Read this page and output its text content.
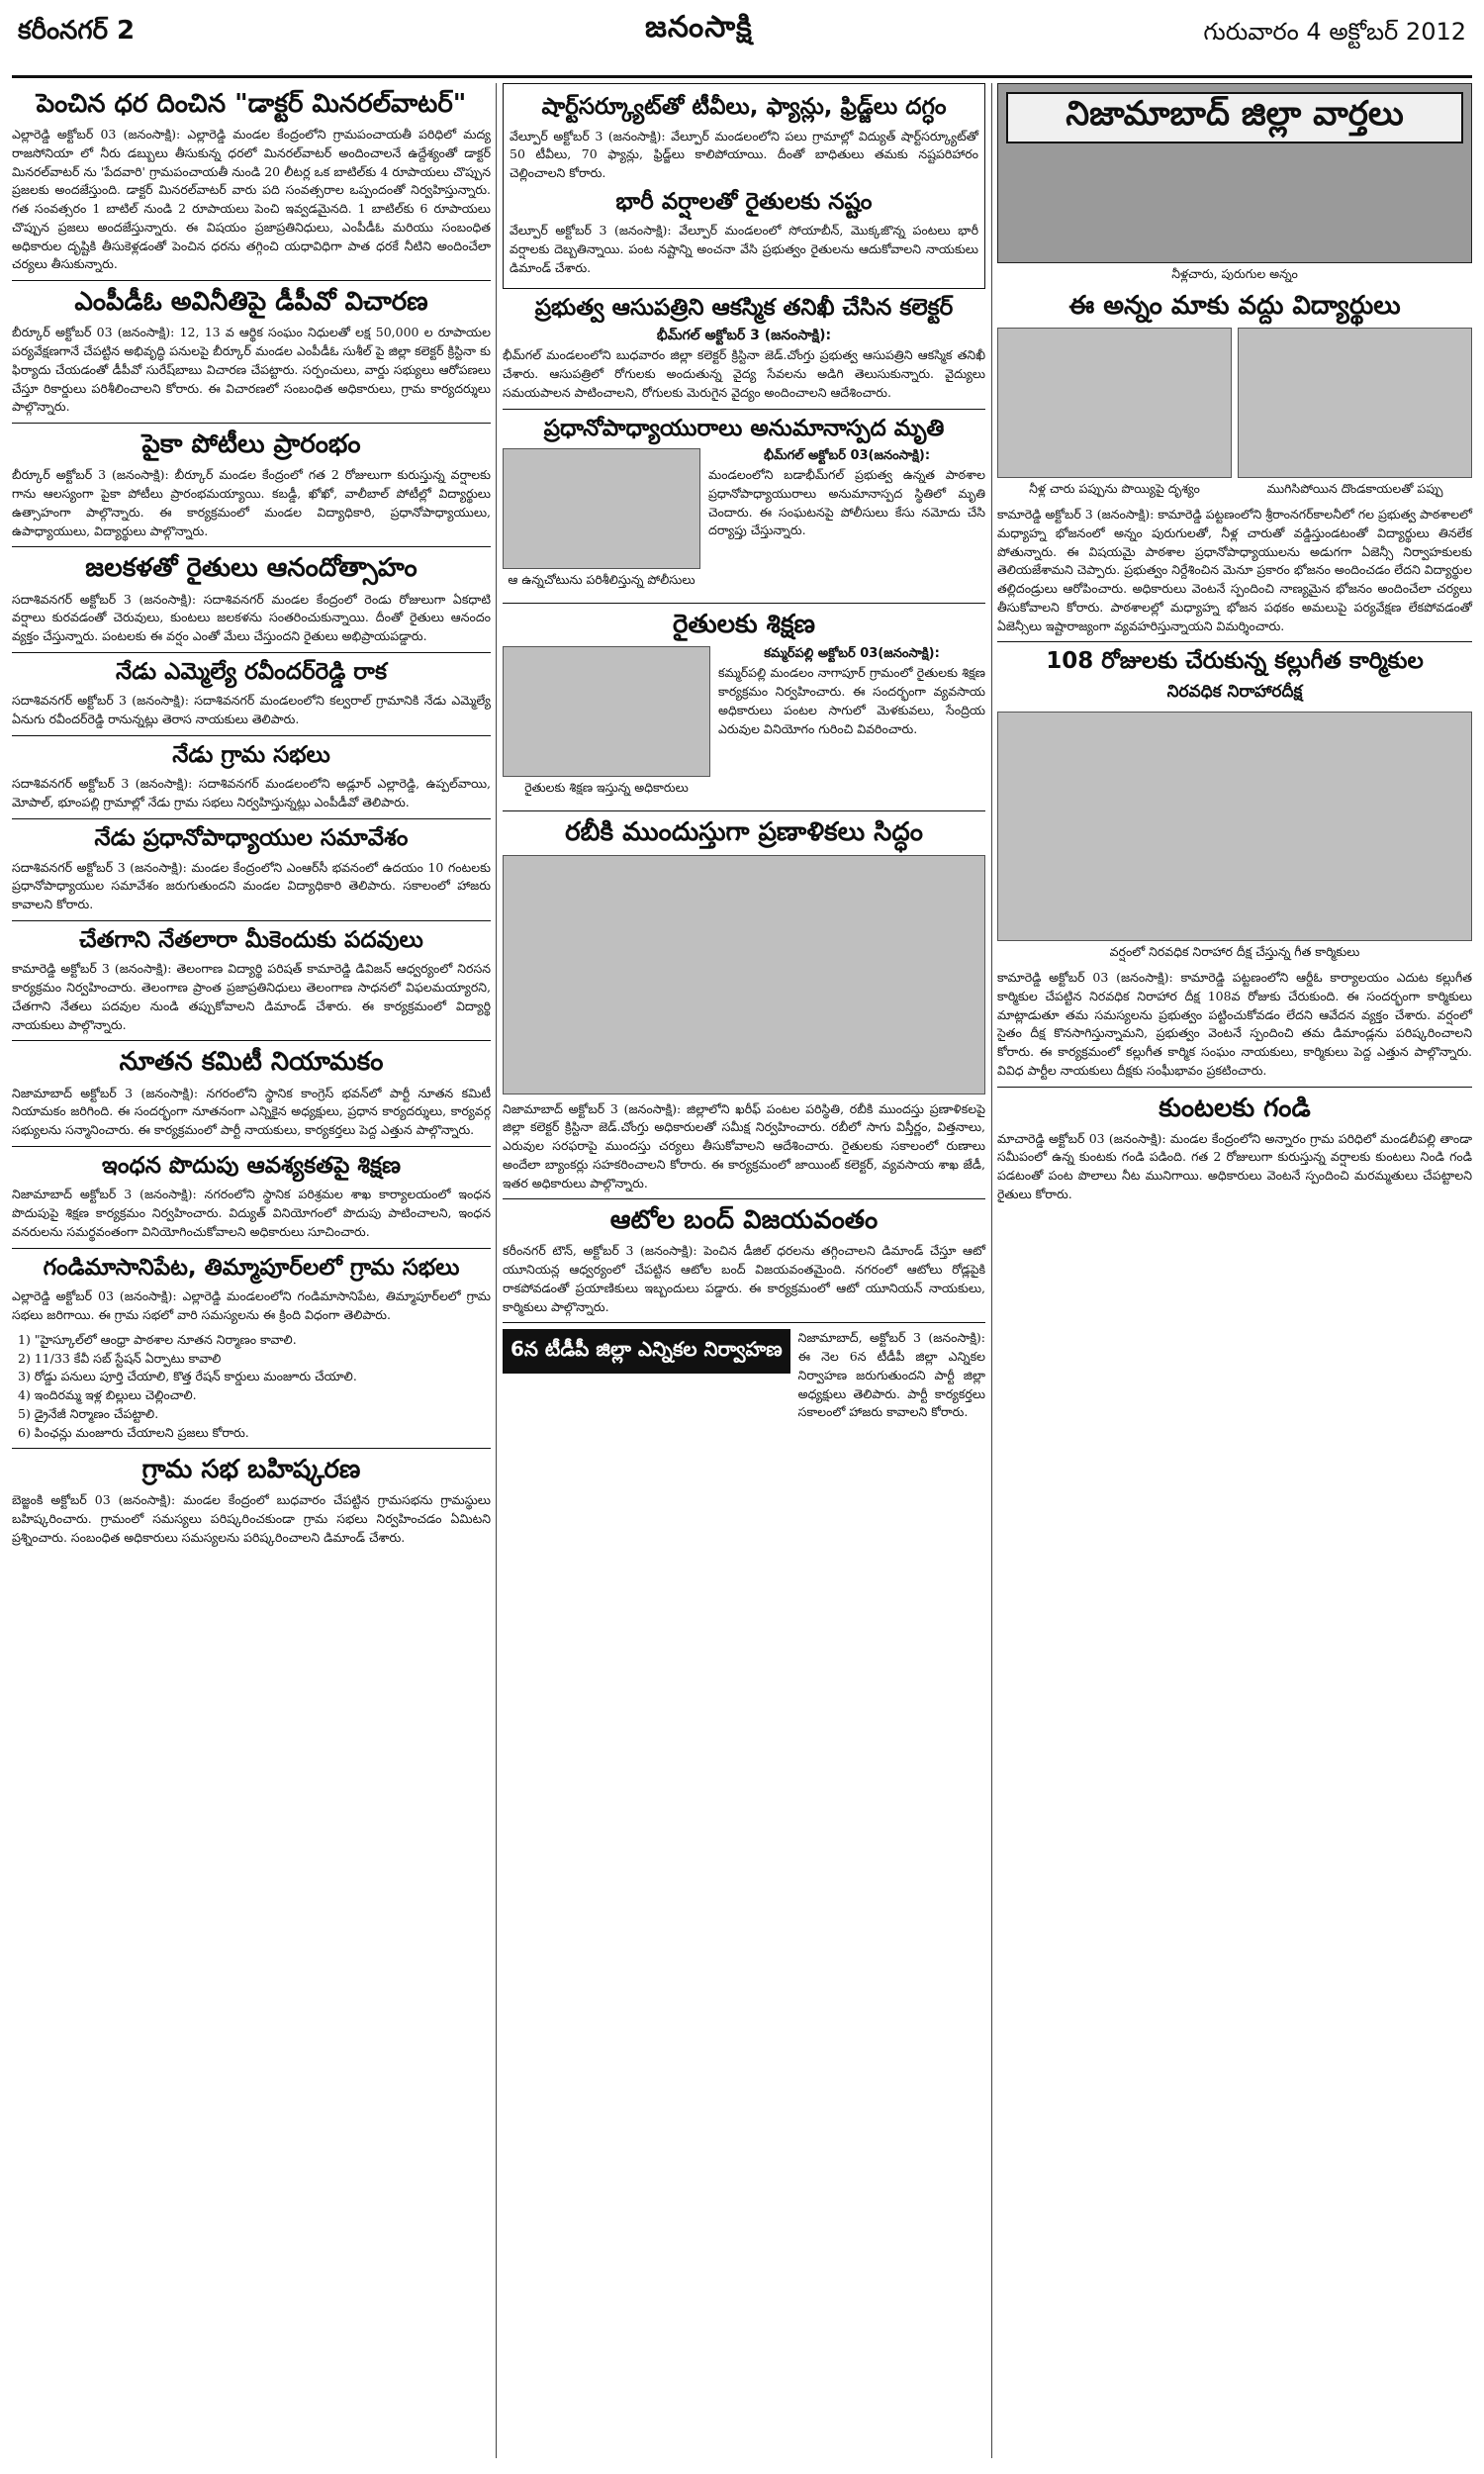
కరీంనగర్ 2	జనంసాక్షి	గురువారం 4 అక్టోబర్ 2012
పెంచిన ధర దించిన "డాక్టర్ మినరల్‌వాటర్"

ఎల్లారెడ్డి అక్టోబర్ 03 (జనంసాక్షి): ఎల్లారెడ్డి మండల కేంద్రంలోని గ్రామపంచాయతీ పరిధిలో మద్య రాజసోనియా లో నీరు డబ్బులు తీసుకున్న ధరలో మినరల్‌వాటర్ అందించాలనే ఉద్దేశ్యంతో డాక్టర్ మినరల్‌వాటర్ ను 'పేదవారి' గ్రామపంచాయతీ నుండి 20 లీటర్ల ఒక బాటిల్‌కు 4 రూపాయలు చొప్పున ప్రజలకు అందజేస్తుంది. డాక్టర్ మినరల్‌వాటర్ వారు పది సంవత్సరాల ఒప్పందంతో నిర్వహిస్తున్నారు. గత సంవత్సరం 1 బాటిల్ నుండి 2 రూపాయలు పెంచి ఇవ్వడమైనది. 1 బాటిల్‌కు 6 రూపాయలు చొప్పున ప్రజలు అందజేస్తున్నారు. ఈ విషయం ప్రజాప్రతినిధులు, ఎంపీడీఓ మరియు సంబంధిత అధికారుల దృష్టికి తీసుకెళ్లడంతో పెంచిన ధరను తగ్గించి యధావిధిగా పాత ధరకే నీటిని అందించేలా చర్యలు తీసుకున్నారు.

ఎంపీడీఓ అవినీతిపై డీపీవో విచారణ

బీర్కూర్ అక్టోబర్ 03 (జనంసాక్షి): 12, 13 వ ఆర్థిక సంఘం నిధులతో లక్ష 50,000 ల రూపాయల పర్యవేక్షణగానే చేపట్టిన అభివృద్ధి పనులపై బీర్కూర్ మండల ఎంపీడీఓ సుశీల్ పై జిల్లా కలెక్టర్ క్రిస్టినా కు ఫిర్యాదు చేయడంతో డీపీవో సురేష్‌బాబు విచారణ చేపట్టారు. సర్పంచులు, వార్డు సభ్యులు ఆరోపణలు చేస్తూ రికార్డులు పరిశీలించాలని కోరారు. ఈ విచారణలో సంబంధిత అధికారులు, గ్రామ కార్యదర్శులు పాల్గొన్నారు.

పైకా పోటీలు ప్రారంభం

బీర్కూర్ అక్టోబర్ 3 (జనంసాక్షి): బీర్కూర్ మండల కేంద్రంలో గత 2 రోజులుగా కురుస్తున్న వర్షాలకు గాను ఆలస్యంగా పైకా పోటీలు ప్రారంభమయ్యాయి. కబడ్డీ, ఖోఖో, వాలీబాల్ పోటీల్లో విద్యార్థులు ఉత్సాహంగా పాల్గొన్నారు. ఈ కార్యక్రమంలో మండల విద్యాధికారి, ప్రధానోపాధ్యాయులు, ఉపాధ్యాయులు, విద్యార్థులు పాల్గొన్నారు.

జలకళతో రైతులు ఆనందోత్సాహం

సదాశివనగర్ అక్టోబర్ 3 (జనంసాక్షి): సదాశివనగర్ మండల కేంద్రంలో రెండు రోజులుగా ఏకధాటి వర్షాలు కురవడంతో చెరువులు, కుంటలు జలకళను సంతరించుకున్నాయి. దీంతో రైతులు ఆనందం వ్యక్తం చేస్తున్నారు. పంటలకు ఈ వర్షం ఎంతో మేలు చేస్తుందని రైతులు అభిప్రాయపడ్డారు.

నేడు ఎమ్మెల్యే రవీందర్‌రెడ్డి రాక

సదాశివనగర్ అక్టోబర్ 3 (జనంసాక్షి): సదాశివనగర్ మండలంలోని కల్వరాల్ గ్రామానికి నేడు ఎమ్మెల్యే ఏనుగు రవీందర్‌రెడ్డి రానున్నట్లు తెరాస నాయకులు తెలిపారు.

నేడు గ్రామ సభలు

సదాశివనగర్ అక్టోబర్ 3 (జనంసాక్షి): సదాశివనగర్ మండలంలోని అడ్లూర్ ఎల్లారెడ్డి, ఉప్పల్‌వాయి, మోపాల్, భూంపల్లి గ్రామాల్లో నేడు గ్రామ సభలు నిర్వహిస్తున్నట్లు ఎంపీడీవో తెలిపారు.

నేడు ప్రధానోపాధ్యాయుల సమావేశం

సదాశివనగర్ అక్టోబర్ 3 (జనంసాక్షి): మండల కేంద్రంలోని ఎంఆర్‌సీ భవనంలో ఉదయం 10 గంటలకు ప్రధానోపాధ్యాయుల సమావేశం జరుగుతుందని మండల విద్యాధికారి తెలిపారు. సకాలంలో హాజరు కావాలని కోరారు.

చేతగాని నేతలారా మీకెందుకు పదవులు

కామారెడ్డి అక్టోబర్ 3 (జనంసాక్షి): తెలంగాణ విద్యార్థి పరిషత్ కామారెడ్డి డివిజన్ ఆధ్వర్యంలో నిరసన కార్యక్రమం నిర్వహించారు. తెలంగాణ ప్రాంత ప్రజాప్రతినిధులు తెలంగాణ సాధనలో విఫలమయ్యారని, చేతగాని నేతలు పదవుల నుండి తప్పుకోవాలని డిమాండ్ చేశారు. ఈ కార్యక్రమంలో విద్యార్థి నాయకులు పాల్గొన్నారు.

నూతన కమిటీ నియామకం

నిజామాబాద్ అక్టోబర్ 3 (జనంసాక్షి): నగరంలోని స్థానిక కాంగ్రెస్ భవన్‌లో పార్టీ నూతన కమిటీ నియామకం జరిగింది. ఈ సందర్భంగా నూతనంగా ఎన్నికైన అధ్యక్షులు, ప్రధాన కార్యదర్శులు, కార్యవర్గ సభ్యులను సన్మానించారు. ఈ కార్యక్రమంలో పార్టీ నాయకులు, కార్యకర్తలు పెద్ద ఎత్తున పాల్గొన్నారు.

ఇంధన పొదుపు ఆవశ్యకతపై శిక్షణ

నిజామాబాద్ అక్టోబర్ 3 (జనంసాక్షి): నగరంలోని స్థానిక పరిశ్రమల శాఖ కార్యాలయంలో ఇంధన పొదుపుపై శిక్షణ కార్యక్రమం నిర్వహించారు. విద్యుత్ వినియోగంలో పొదుపు పాటించాలని, ఇంధన వనరులను సమర్థవంతంగా వినియోగించుకోవాలని అధికారులు సూచించారు.

గండిమాసానిపేట, తిమ్మాపూర్‌లలో గ్రామ సభలు

ఎల్లారెడ్డి అక్టోబర్ 03 (జనంసాక్షి): ఎల్లారెడ్డి మండలంలోని గండిమాసానిపేట, తిమ్మాపూర్‌లలో గ్రామ సభలు జరిగాయి. ఈ గ్రామ సభలో వారి సమస్యలను ఈ క్రింది విధంగా తెలిపారు.

1) "హైస్కూల్‌లో ఆంధ్రా పాఠశాల నూతన నిర్మాణం కావాలి.
2) 11/33 కేవీ సబ్ స్టేషన్ ఏర్పాటు కావాలి
3) రోడ్డు పనులు పూర్తి చేయాలి, కొత్త రేషన్ కార్డులు మంజూరు చేయాలి.
4) ఇందిరమ్మ ఇళ్ల బిల్లులు చెల్లించాలి.
5) డ్రైనేజీ నిర్మాణం చేపట్టాలి.
6) పింఛన్లు మంజూరు చేయాలని ప్రజలు కోరారు.
గ్రామ సభ బహిష్కరణ

బెజ్జంకి అక్టోబర్ 03 (జనంసాక్షి): మండల కేంద్రంలో బుధవారం చేపట్టిన గ్రామసభను గ్రామస్థులు బహిష్కరించారు. గ్రామంలో సమస్యలు పరిష్కరించకుండా గ్రామ సభలు నిర్వహించడం ఏమిటని ప్రశ్నించారు. సంబంధిత అధికారులు సమస్యలను పరిష్కరించాలని డిమాండ్ చేశారు.

షార్ట్‌సర్క్యూట్‌తో టీవీలు, ఫ్యాన్లు, ఫ్రిడ్జ్‌లు దగ్ధం

వేల్పూర్ అక్టోబర్ 3 (జనంసాక్షి): వేల్పూర్ మండలంలోని పలు గ్రామాల్లో విద్యుత్ షార్ట్‌సర్క్యూట్‌తో 50 టీవీలు, 70 ఫ్యాన్లు, ఫ్రిడ్జ్‌లు కాలిపోయాయి. దీంతో బాధితులు తమకు నష్టపరిహారం చెల్లించాలని కోరారు.

భారీ వర్షాలతో రైతులకు నష్టం

వేల్పూర్ అక్టోబర్ 3 (జనంసాక్షి): వేల్పూర్ మండలంలో సోయాబీన్, మొక్కజొన్న పంటలు భారీ వర్షాలకు దెబ్బతిన్నాయి. పంట నష్టాన్ని అంచనా వేసి ప్రభుత్వం రైతులను ఆదుకోవాలని నాయకులు డిమాండ్ చేశారు.

ప్రభుత్వ ఆసుపత్రిని ఆకస్మిక తనిఖీ చేసిన కలెక్టర్
భీమ్‌గల్ అక్టోబర్ 3 (జనంసాక్షి):

భీమ్‌గల్ మండలంలోని బుధవారం జిల్లా కలెక్టర్ క్రిస్టినా జెడ్.చోంగ్తు ప్రభుత్వ ఆసుపత్రిని ఆకస్మిక తనిఖీ చేశారు. ఆసుపత్రిలో రోగులకు అందుతున్న వైద్య సేవలను అడిగి తెలుసుకున్నారు. వైద్యులు సమయపాలన పాటించాలని, రోగులకు మెరుగైన వైద్యం అందించాలని ఆదేశించారు.

ప్రధానోపాధ్యాయురాలు అనుమానాస్పద మృతి
ఆ ఉన్నచోటును పరిశీలిస్తున్న పోలీసులు
భీమ్‌గల్ అక్టోబర్ 03(జనంసాక్షి):

మండలంలోని బడాభీమ్‌గల్ ప్రభుత్వ ఉన్నత పాఠశాల ప్రధానోపాధ్యాయురాలు అనుమానాస్పద స్థితిలో మృతి చెందారు. ఈ సంఘటనపై పోలీసులు కేసు నమోదు చేసి దర్యాప్తు చేస్తున్నారు.

రైతులకు శిక్షణ
రైతులకు శిక్షణ ఇస్తున్న అధికారులు
కమ్మర్‌పల్లి అక్టోబర్ 03(జనంసాక్షి):

కమ్మర్‌పల్లి మండలం నాగాపూర్ గ్రామంలో రైతులకు శిక్షణ కార్యక్రమం నిర్వహించారు. ఈ సందర్భంగా వ్యవసాయ అధికారులు పంటల సాగులో మెళకువలు, సేంద్రియ ఎరువుల వినియోగం గురించి వివరించారు.

రబీకి ముందుస్తుగా ప్రణాళికలు సిద్ధం

నిజామాబాద్ అక్టోబర్ 3 (జనంసాక్షి): జిల్లాలోని ఖరీఫ్ పంటల పరిస్థితి, రబీకి ముందస్తు ప్రణాళికలపై జిల్లా కలెక్టర్ క్రిస్టినా జెడ్.చోంగ్తు అధికారులతో సమీక్ష నిర్వహించారు. రబీలో సాగు విస్తీర్ణం, విత్తనాలు, ఎరువుల సరఫరాపై ముందస్తు చర్యలు తీసుకోవాలని ఆదేశించారు. రైతులకు సకాలంలో రుణాలు అందేలా బ్యాంకర్లు సహకరించాలని కోరారు. ఈ కార్యక్రమంలో జాయింట్ కలెక్టర్, వ్యవసాయ శాఖ జేడీ, ఇతర అధికారులు పాల్గొన్నారు.

ఆటోల బంద్ విజయవంతం

కరీంనగర్ టౌన్, అక్టోబర్ 3 (జనంసాక్షి): పెంచిన డీజిల్ ధరలను తగ్గించాలని డిమాండ్ చేస్తూ ఆటో యూనియన్ల ఆధ్వర్యంలో చేపట్టిన ఆటోల బంద్ విజయవంతమైంది. నగరంలో ఆటోలు రోడ్లపైకి రాకపోవడంతో ప్రయాణికులు ఇబ్బందులు పడ్డారు. ఈ కార్యక్రమంలో ఆటో యూనియన్ నాయకులు, కార్మికులు పాల్గొన్నారు.

6న టీడీపీ జిల్లా ఎన్నికల నిర్వాహణ	నిజామాబాద్, అక్టోబర్ 3 (జనంసాక్షి): ఈ నెల 6న టీడీపీ జిల్లా ఎన్నికల నిర్వాహణ జరుగుతుందని పార్టీ జిల్లా అధ్యక్షులు తెలిపారు. పార్టీ కార్యకర్తలు సకాలంలో హాజరు కావాలని కోరారు.

నిజామాబాద్ జిల్లా వార్తలు
నీళ్లచారు, పురుగుల అన్నం
ఈ అన్నం మాకు వద్దు విద్యార్థులు
నీళ్ల చారు పప్పును పొయ్యిపై దృశ్యం	ముగిసిపోయిన దొండకాయలతో పప్పు

కామారెడ్డి అక్టోబర్ 3 (జనంసాక్షి): కామారెడ్డి పట్టణంలోని శ్రీరాంనగర్‌కాలనీలో గల ప్రభుత్వ పాఠశాలలో మధ్యాహ్న భోజనంలో అన్నం పురుగులతో, నీళ్ల చారుతో వడ్డిస్తుండటంతో విద్యార్థులు తినలేక పోతున్నారు. ఈ విషయమై పాఠశాల ప్రధానోపాధ్యాయులను అడుగగా ఏజెన్సీ నిర్వాహకులకు తెలియజేశామని చెప్పారు. ప్రభుత్వం నిర్దేశించిన మెనూ ప్రకారం భోజనం అందించడం లేదని విద్యార్థుల తల్లిదండ్రులు ఆరోపించారు. అధికారులు వెంటనే స్పందించి నాణ్యమైన భోజనం అందించేలా చర్యలు తీసుకోవాలని కోరారు. పాఠశాలల్లో మధ్యాహ్న భోజన పథకం అమలుపై పర్యవేక్షణ లేకపోవడంతో ఏజెన్సీలు ఇష్టారాజ్యంగా వ్యవహరిస్తున్నాయని విమర్శించారు.

108 రోజులకు చేరుకున్న కల్లుగీత కార్మికుల
నిరవధిక నిరాహారదీక్ష
వర్షంలో నిరవధిక నిరాహార దీక్ష చేస్తున్న గీత కార్మికులు

కామారెడ్డి అక్టోబర్ 03 (జనంసాక్షి): కామారెడ్డి పట్టణంలోని ఆర్డీఓ కార్యాలయం ఎదుట కల్లుగీత కార్మికుల చేపట్టిన నిరవధిక నిరాహార దీక్ష 108వ రోజుకు చేరుకుంది. ఈ సందర్భంగా కార్మికులు మాట్లాడుతూ తమ సమస్యలను ప్రభుత్వం పట్టించుకోవడం లేదని ఆవేదన వ్యక్తం చేశారు. వర్షంలో సైతం దీక్ష కొనసాగిస్తున్నామని, ప్రభుత్వం వెంటనే స్పందించి తమ డిమాండ్లను పరిష్కరించాలని కోరారు. ఈ కార్యక్రమంలో కల్లుగీత కార్మిక సంఘం నాయకులు, కార్మికులు పెద్ద ఎత్తున పాల్గొన్నారు. వివిధ పార్టీల నాయకులు దీక్షకు సంఘీభావం ప్రకటించారు.

కుంటలకు గండి

మాచారెడ్డి అక్టోబర్ 03 (జనంసాక్షి): మండల కేంద్రంలోని అన్నారం గ్రామ పరిధిలో మండలీపల్లి తాండా సమీపంలో ఉన్న కుంటకు గండి పడింది. గత 2 రోజులుగా కురుస్తున్న వర్షాలకు కుంటలు నిండి గండి పడటంతో పంట పొలాలు నీట మునిగాయి. అధికారులు వెంటనే స్పందించి మరమ్మతులు చేపట్టాలని రైతులు కోరారు.
